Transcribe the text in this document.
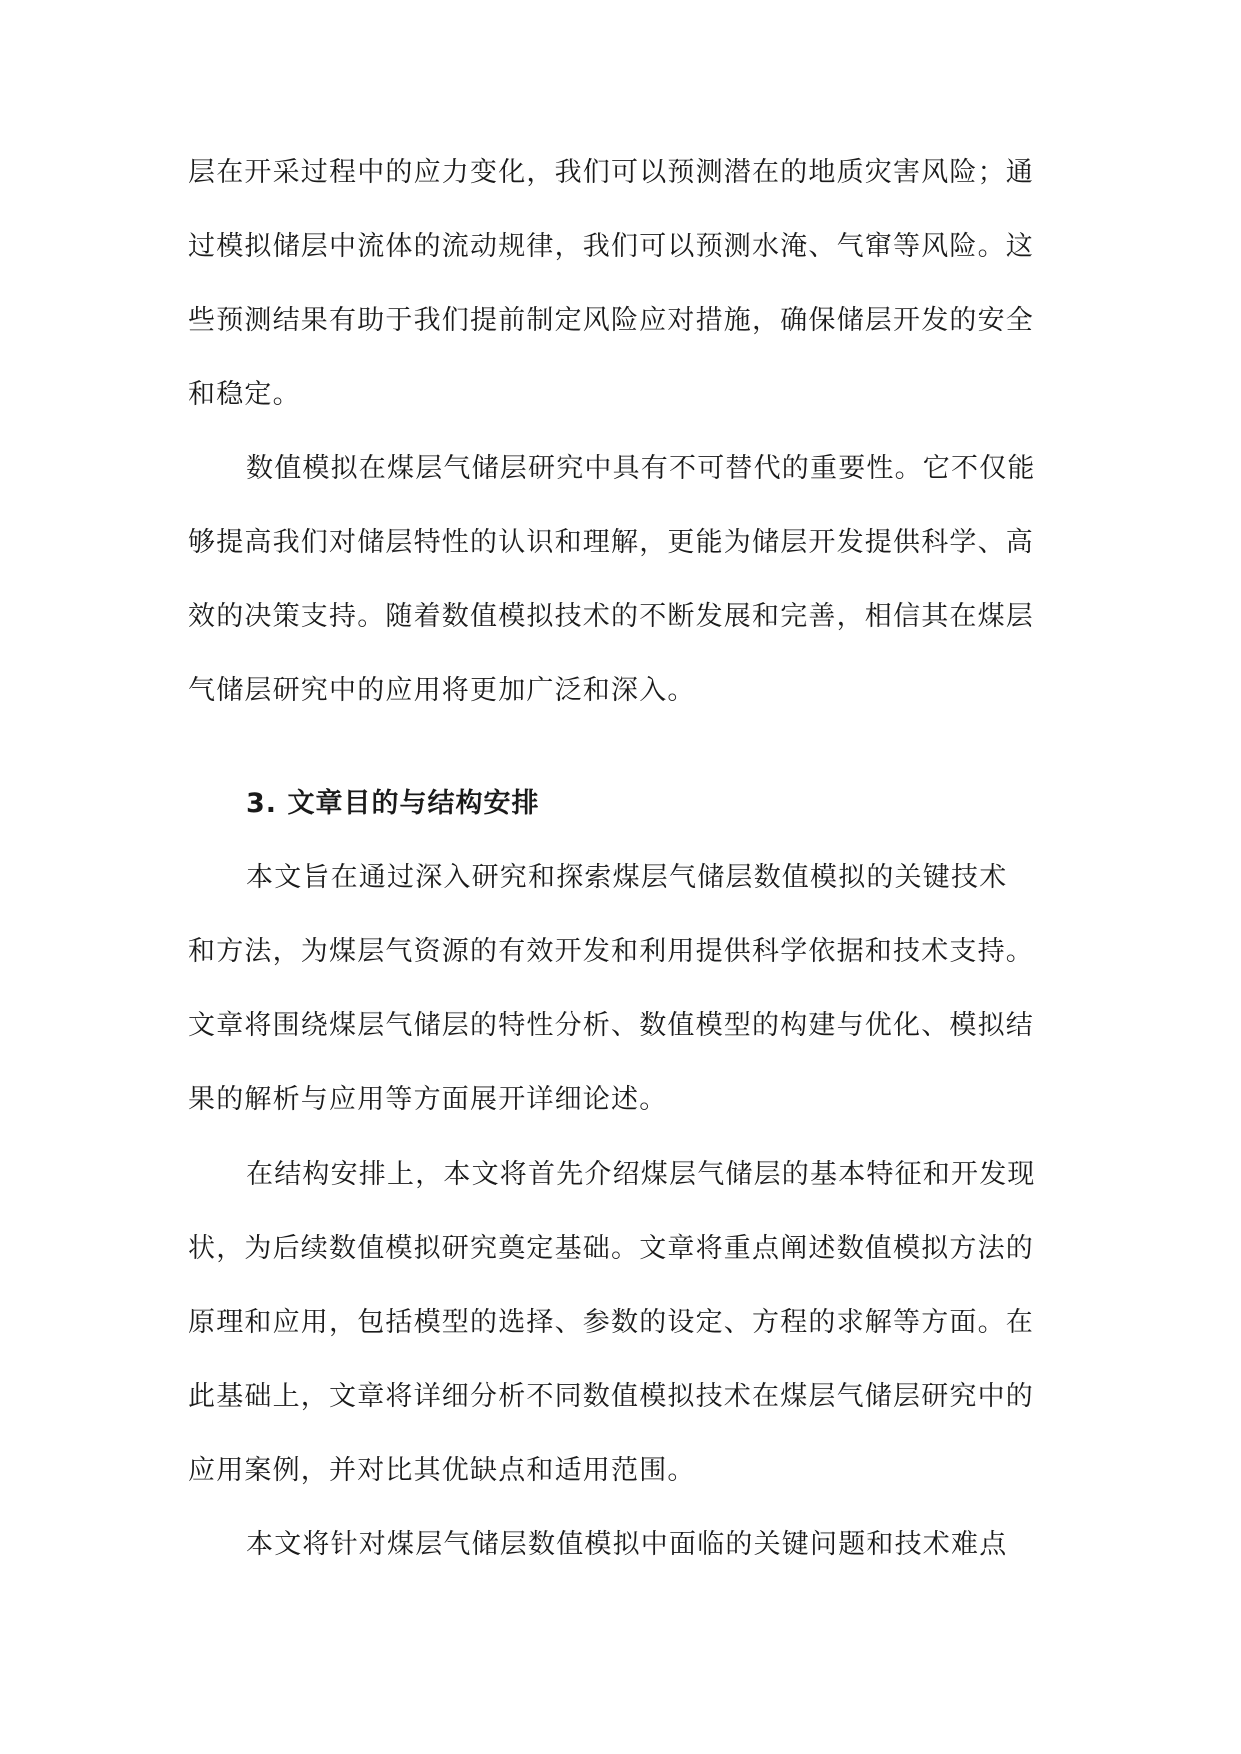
层在开采过程中的应力变化，我们可以预测潜在的地质灾害风险；通
过模拟储层中流体的流动规律，我们可以预测水淹、气窜等风险。这
些预测结果有助于我们提前制定风险应对措施，确保储层开发的安全
和稳定。
数值模拟在煤层气储层研究中具有不可替代的重要性。它不仅能
够提高我们对储层特性的认识和理解，更能为储层开发提供科学、高
效的决策支持。随着数值模拟技术的不断发展和完善，相信其在煤层
气储层研究中的应用将更加广泛和深入。
3. 文章目的与结构安排
本文旨在通过深入研究和探索煤层气储层数值模拟的关键技术
和方法，为煤层气资源的有效开发和利用提供科学依据和技术支持。
文章将围绕煤层气储层的特性分析、数值模型的构建与优化、模拟结
果的解析与应用等方面展开详细论述。
在结构安排上，本文将首先介绍煤层气储层的基本特征和开发现
状，为后续数值模拟研究奠定基础。文章将重点阐述数值模拟方法的
原理和应用，包括模型的选择、参数的设定、方程的求解等方面。在
此基础上，文章将详细分析不同数值模拟技术在煤层气储层研究中的
应用案例，并对比其优缺点和适用范围。
本文将针对煤层气储层数值模拟中面临的关键问题和技术难点
